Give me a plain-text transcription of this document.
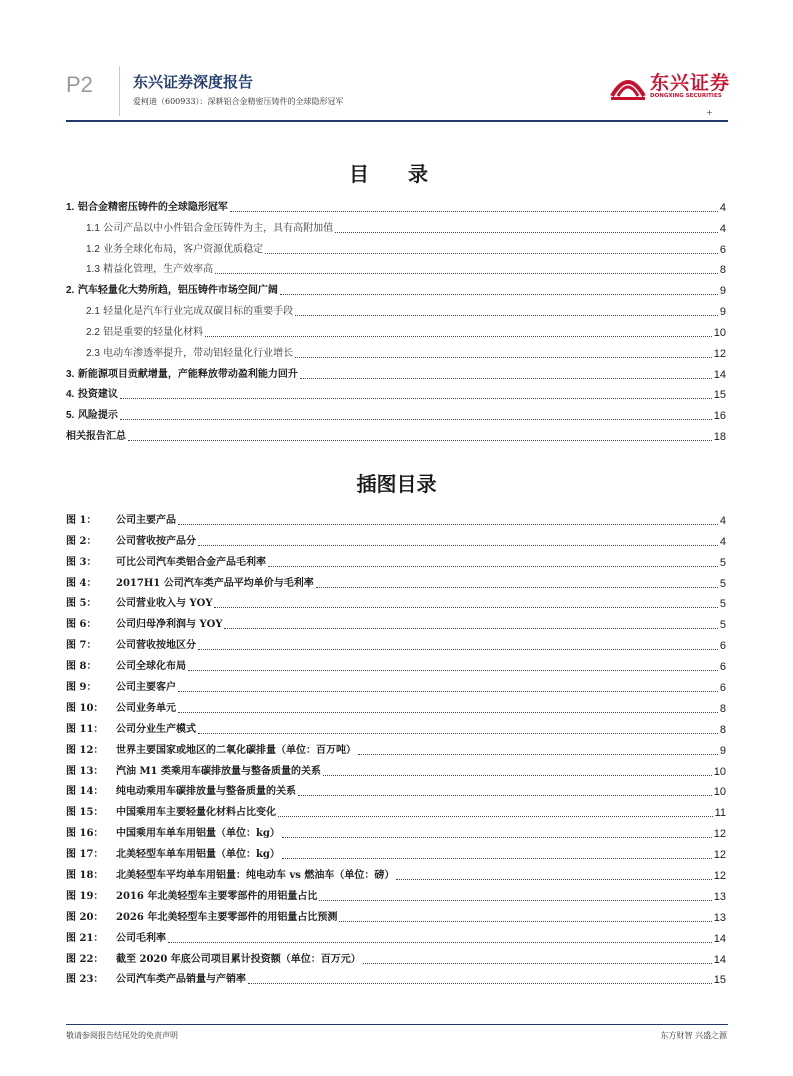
P2	东兴证券深度报告
爱柯迪（600933）：深耕铝合金精密压铸件的全球隐形冠军
东兴证券
DONGXING SECURITIES
+
目 录
1. 铝合金精密压铸件的全球隐形冠军	4
1.1 公司产品以中小件铝合金压铸件为主，具有高附加值	4
1.2 业务全球化布局，客户资源优质稳定	6
1.3 精益化管理，生产效率高	8
2. 汽车轻量化大势所趋，铝压铸件市场空间广阔	9
2.1 轻量化是汽车行业完成双碳目标的重要手段	9
2.2 铝是重要的轻量化材料	10
2.3 电动车渗透率提升，带动铝轻量化行业增长	12
3. 新能源项目贡献增量，产能释放带动盈利能力回升	14
4. 投资建议	15
5. 风险提示	16
相关报告汇总	18
插图目录
图 1： 公司主要产品	4
图 2： 公司营收按产品分	4
图 3： 可比公司汽车类铝合金产品毛利率	5
图 4： 2017H1 公司汽车类产品平均单价与毛利率	5
图 5： 公司营业收入与 YOY	5
图 6： 公司归母净利润与 YOY	5
图 7： 公司营收按地区分	6
图 8： 公司全球化布局	6
图 9： 公司主要客户	6
图 10： 公司业务单元	8
图 11： 公司分业生产模式	8
图 12： 世界主要国家或地区的二氧化碳排量（单位：百万吨）	9
图 13： 汽油 M1 类乘用车碳排放量与整备质量的关系	10
图 14： 纯电动乘用车碳排放量与整备质量的关系	10
图 15： 中国乘用车主要轻量化材料占比变化	11
图 16： 中国乘用车单车用铝量（单位：kg）	12
图 17： 北美轻型车单车用铝量（单位：kg）	12
图 18： 北美轻型车平均单车用铝量：纯电动车 vs 燃油车（单位：磅）	12
图 19： 2016 年北美轻型车主要零部件的用铝量占比	13
图 20： 2026 年北美轻型车主要零部件的用铝量占比预测	13
图 21： 公司毛利率	14
图 22： 截至 2020 年底公司项目累计投资额（单位：百万元）	14
图 23： 公司汽车类产品销量与产销率	15
敬请参阅报告结尾处的免责声明	东方财智 兴盛之源
